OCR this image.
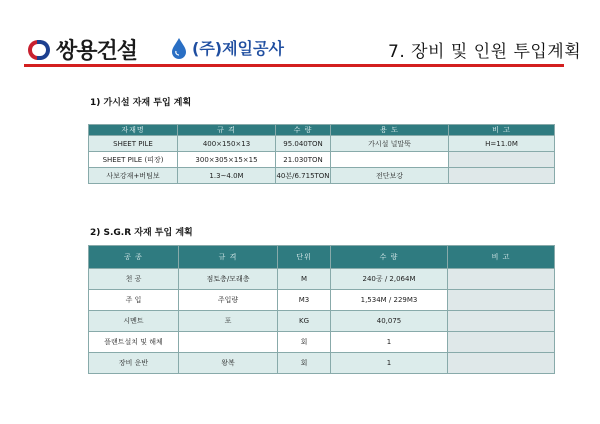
쌍용건설	(주)제일공사	7. 장비 및 인원 투입계획
1) 가시설 자재 투입 계획
자재명	규 격	수 량	용 도	비 고
SHEET PILE	400×150×13	95.040TON	가시설 널말뚝	H=11.0M
SHEET PILE (띠장)	300×305×15×15	21.030TON		
사보강재+버팀보	1.3~4.0M	40본/6.715TON	전단보강	
2) S.G.R 자재 투입 계획
공 종	규 격	단위	수 량	비 고
천 공	점토층/모래층	M	240공 / 2,064M	
주 입	주입량	M3	1,534M / 229M3	
시멘트	포	KG	40,075	
플랜트설치 및 해체		회	1	
장비 운반	왕복	회	1	
